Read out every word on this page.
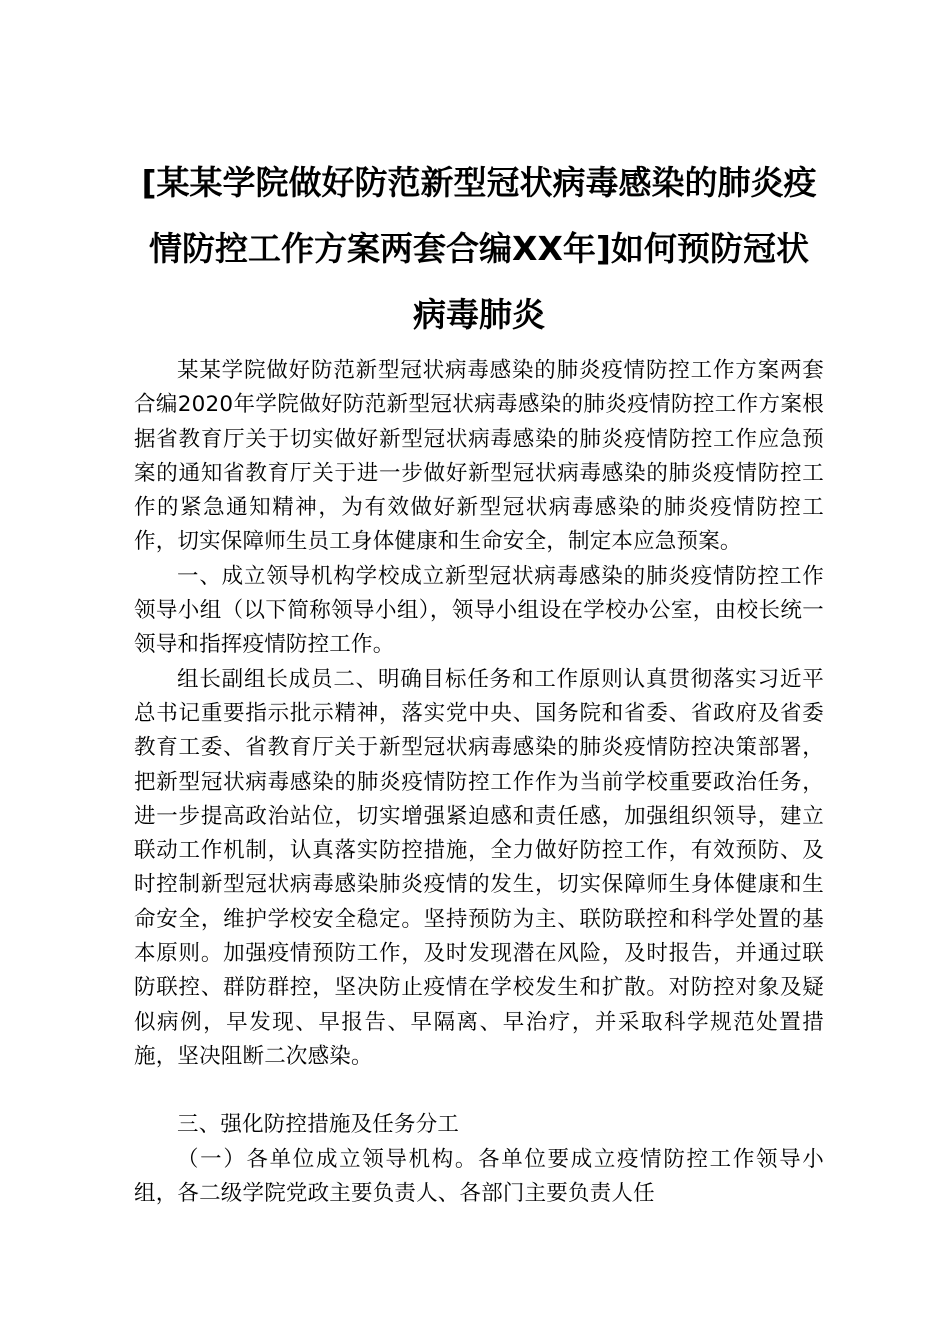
[某某学院做好防范新型冠状病毒感染的肺炎疫情防控工作方案两套合编XX年]如何预防冠状病毒肺炎

某某学院做好防范新型冠状病毒感染的肺炎疫情防控工作方案两套合编2020年学院做好防范新型冠状病毒感染的肺炎疫情防控工作方案根据省教育厅关于切实做好新型冠状病毒感染的肺炎疫情防控工作应急预案的通知省教育厅关于进一步做好新型冠状病毒感染的肺炎疫情防控工作的紧急通知精神，为有效做好新型冠状病毒感染的肺炎疫情防控工作，切实保障师生员工身体健康和生命安全，制定本应急预案。

一、成立领导机构学校成立新型冠状病毒感染的肺炎疫情防控工作领导小组（以下简称领导小组），领导小组设在学校办公室，由校长统一领导和指挥疫情防控工作。

组长副组长成员二、明确目标任务和工作原则认真贯彻落实习近平总书记重要指示批示精神，落实党中央、国务院和省委、省政府及省委教育工委、省教育厅关于新型冠状病毒感染的肺炎疫情防控决策部署，把新型冠状病毒感染的肺炎疫情防控工作作为当前学校重要政治任务，进一步提高政治站位，切实增强紧迫感和责任感，加强组织领导，建立联动工作机制，认真落实防控措施，全力做好防控工作，有效预防、及时控制新型冠状病毒感染肺炎疫情的发生，切实保障师生身体健康和生命安全，维护学校安全稳定。坚持预防为主、联防联控和科学处置的基本原则。加强疫情预防工作，及时发现潜在风险，及时报告，并通过联防联控、群防群控，坚决防止疫情在学校发生和扩散。对防控对象及疑似病例，早发现、早报告、早隔离、早治疗，并采取科学规范处置措施，坚决阻断二次感染。

三、强化防控措施及任务分工

（一）各单位成立领导机构。各单位要成立疫情防控工作领导小组，各二级学院党政主要负责人、各部门主要负责人任
